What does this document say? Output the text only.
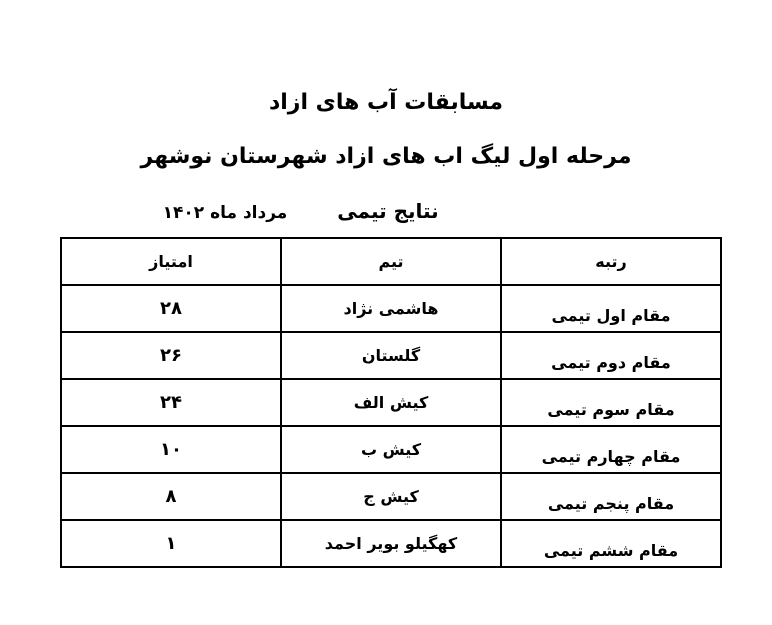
مسابقات آب های ازاد
مرحله اول لیگ اب های ازاد شهرستان نوشهر
نتایج تیمی
مرداد ماه ۱۴۰۲
رتبه	تیم	امتیاز
مقام اول تیمی	هاشمی نژاد	۲۸
مقام دوم تیمی	گلستان	۲۶
مقام سوم تیمی	کیش الف	۲۴
مقام چهارم تیمی	کیش ب	۱۰
مقام پنجم تیمی	کیش ج	۸
مقام ششم تیمی	کهگیلو بویر احمد	۱
